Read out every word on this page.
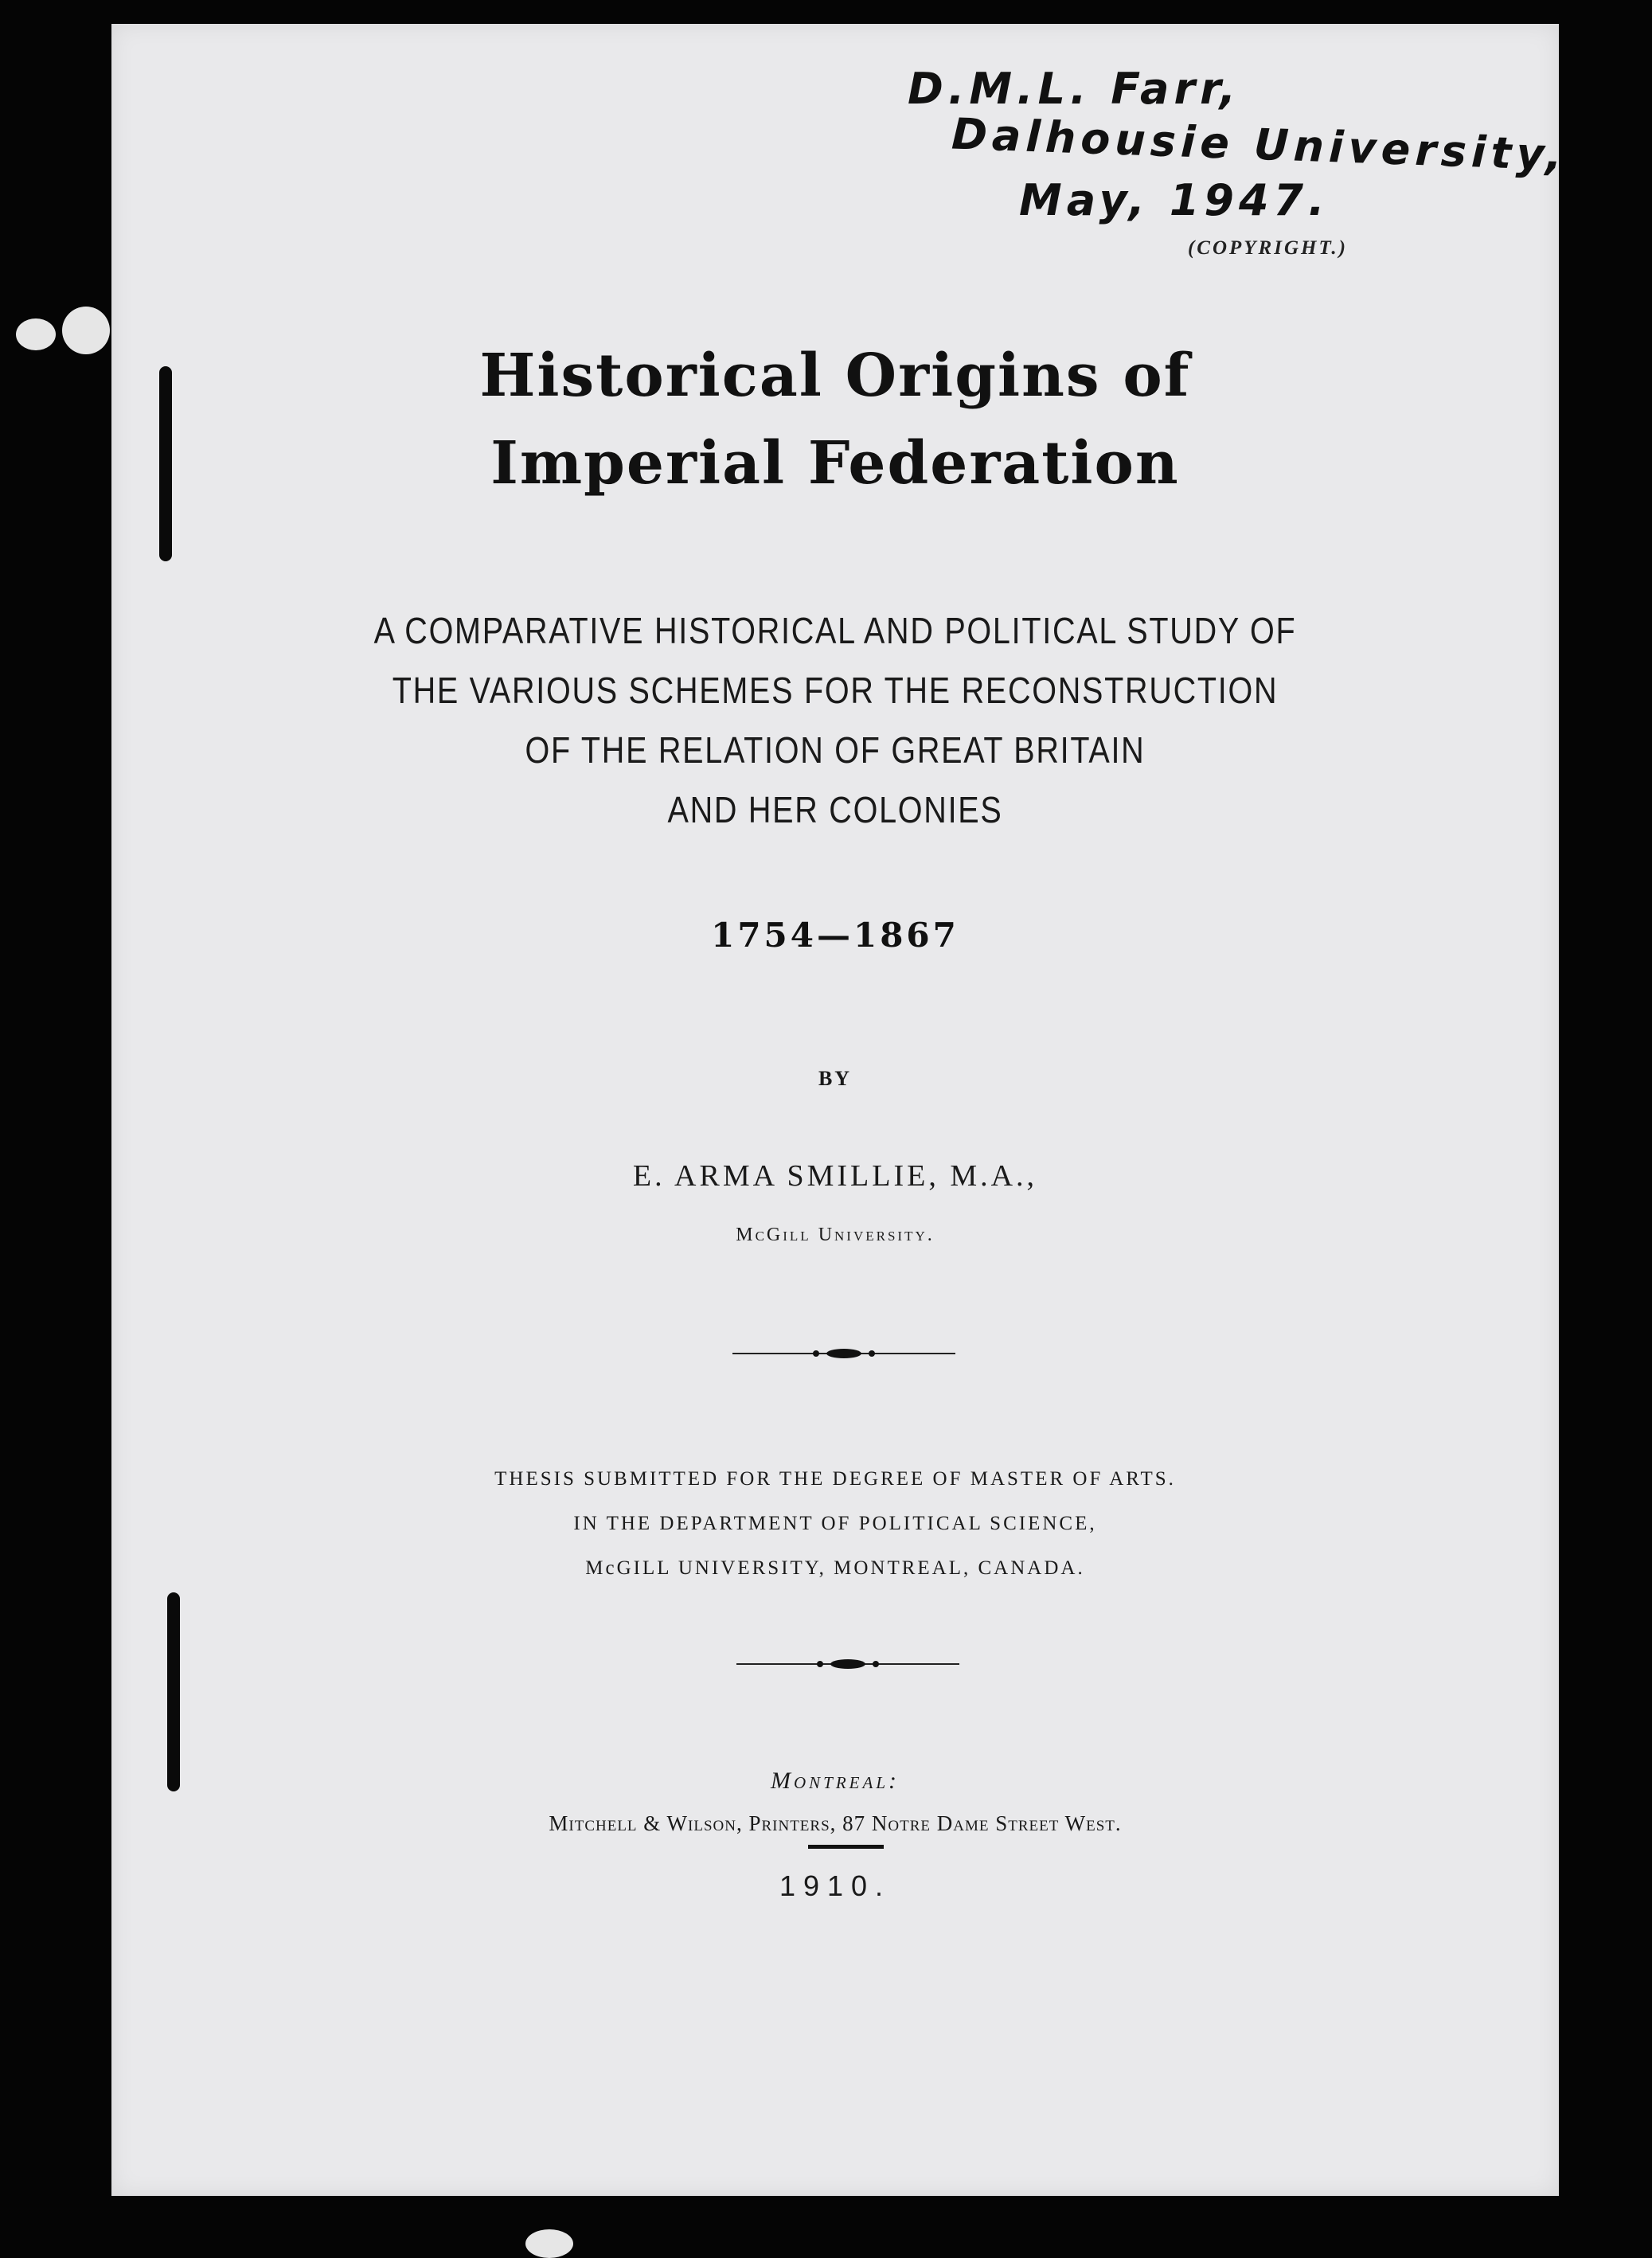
D.M.L. Farr,
Dalhousie University,
May, 1947.
(COPYRIGHT.)
Historical Origins of
Imperial Federation
A COMPARATIVE HISTORICAL AND POLITICAL STUDY OF
THE VARIOUS SCHEMES FOR THE RECONSTRUCTION
OF THE RELATION OF GREAT BRITAIN
AND HER COLONIES
1754—1867
BY
E. ARMA SMILLIE, M.A.,
McGill University.
THESIS SUBMITTED FOR THE DEGREE OF MASTER OF ARTS.
IN THE DEPARTMENT OF POLITICAL SCIENCE,
McGILL UNIVERSITY, MONTREAL, CANADA.
Montreal:
Mitchell & Wilson, Printers, 87 Notre Dame Street West.
1910.
